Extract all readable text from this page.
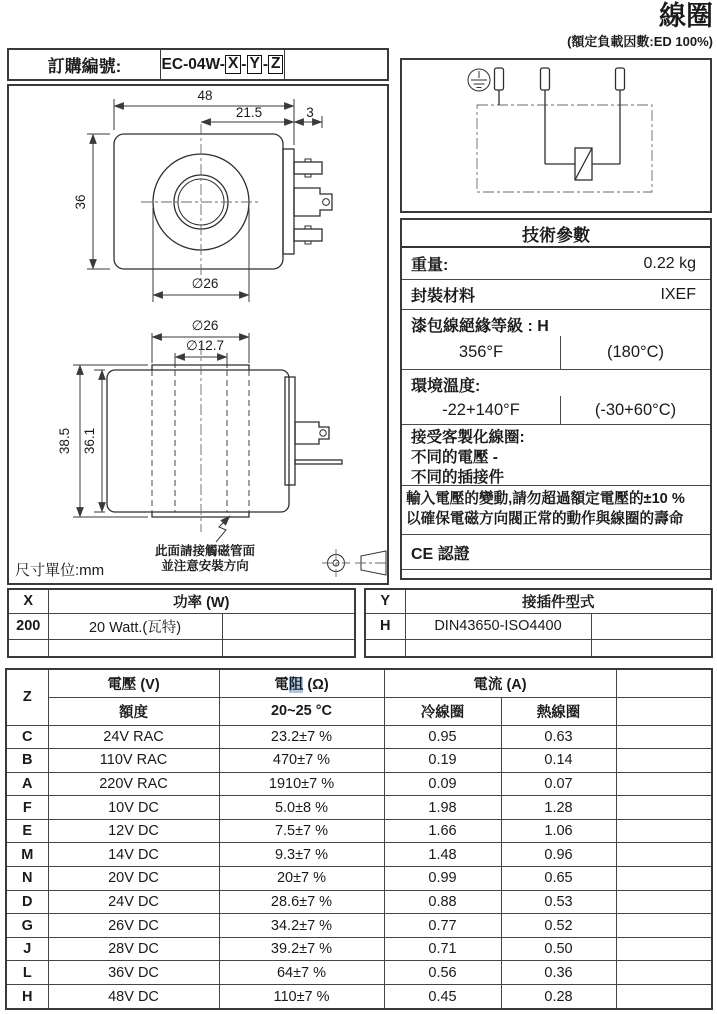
線圈
(額定負載因數:ED 100%)
訂購編號:	EC-04W- X - Y - Z
48
21.5	3
36
∅26
∅26
∅12.7
38.5 36.1
此面請接觸磁管面
並注意安裝方向
尺寸單位:mm
技術參數
重量:	0.22 kg
封裝材料	IXEF
漆包線絕緣等級 : H
356°F	(180°C)
環境溫度:
-22+140°F	(-30+60°C)
接受客製化線圈:
不同的電壓 -
不同的插接件
輸入電壓的變動,請勿超過額定電壓的±10 %
以確保電磁方向閥正常的動作與線圈的壽命
CE 認證
X	功率 (W)	
200	20 Watt.(瓦特)	

Y	接插件型式	
H	DIN43650-ISO4400	

Z	電壓 (V)	電阻 (Ω)	電流 (A)		
	額度	20~25 °C	冷線圈	熱線圈	
C	24V RAC	23.2±7 %	0.95	0.63	
B	110V RAC	470±7 %	0.19	0.14	
A	220V RAC	1910±7 %	0.09	0.07	
F	10V DC	5.0±8 %	1.98	1.28	
E	12V DC	7.5±7 %	1.66	1.06	
M	14V DC	9.3±7 %	1.48	0.96	
N	20V DC	20±7 %	0.99	0.65	
D	24V DC	28.6±7 %	0.88	0.53	
G	26V DC	34.2±7 %	0.77	0.52	
J	28V DC	39.2±7 %	0.71	0.50	
L	36V DC	64±7 %	0.56	0.36	
H	48V DC	110±7 %	0.45	0.28	
